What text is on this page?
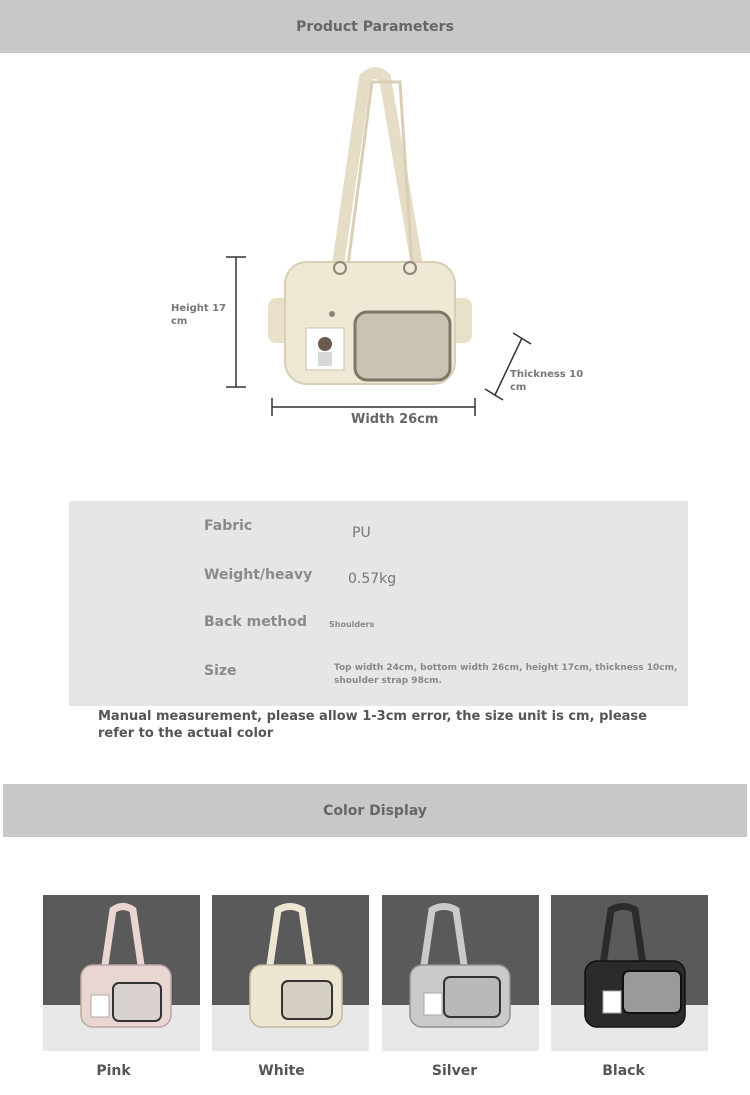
Product Parameters
Height 17 cm
Thickness 10 cm
Width 26cm
Fabric	PU
Weight/heavy	0.57kg
Back method	Shoulders
Size	Top width 24cm, bottom width 26cm, height 17cm, thickness 10cm, shoulder strap 98cm.
Manual measurement, please allow 1-3cm error, the size unit is cm, please refer to the actual color
Color Display
Pink	White	Silver	Black
